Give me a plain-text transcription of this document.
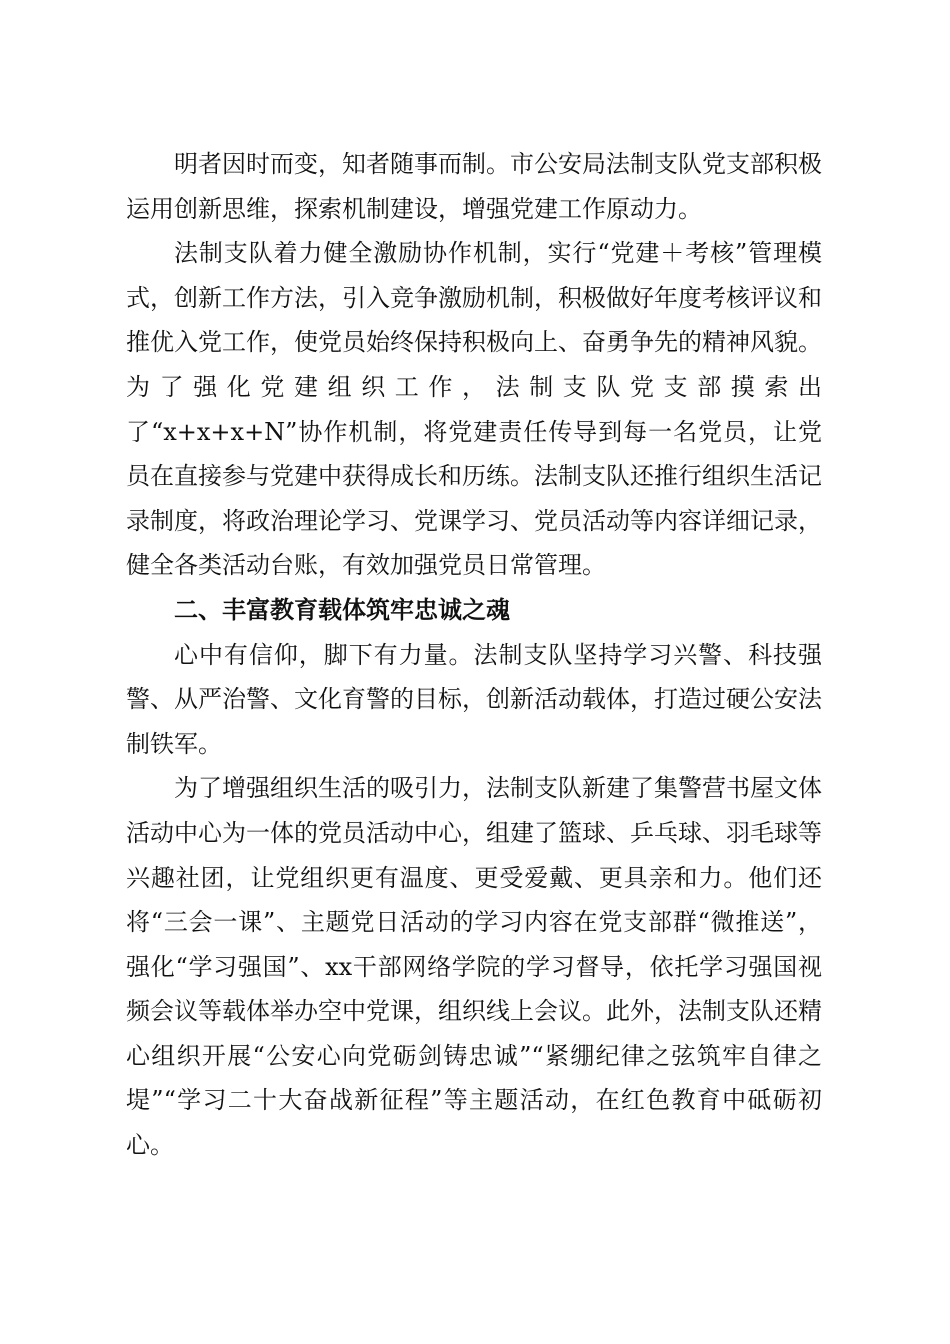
明者因时而变，知者随事而制。市公安局法制支队党支部积极运用创新思维，探索机制建设，增强党建工作原动力。

法制支队着力健全激励协作机制，实行“党建＋考核”管理模式，创新工作方法，引入竞争激励机制，积极做好年度考核评议和推优入党工作，使党员始终保持积极向上、奋勇争先的精神风貌。为了强化党建组织工作，法制支队党支部摸索出了“x+x+x+N”协作机制，将党建责任传导到每一名党员，让党员在直接参与党建中获得成长和历练。法制支队还推行组织生活记录制度，将政治理论学习、党课学习、党员活动等内容详细记录，健全各类活动台账，有效加强党员日常管理。

二、丰富教育载体筑牢忠诚之魂

心中有信仰，脚下有力量。法制支队坚持学习兴警、科技强警、从严治警、文化育警的目标，创新活动载体，打造过硬公安法制铁军。

为了增强组织生活的吸引力，法制支队新建了集警营书屋文体活动中心为一体的党员活动中心，组建了篮球、乒乓球、羽毛球等兴趣社团，让党组织更有温度、更受爱戴、更具亲和力。他们还将“三会一课”、主题党日活动的学习内容在党支部群“微推送”，强化“学习强国”、xx干部网络学院的学习督导，依托学习强国视频会议等载体举办空中党课，组织线上会议。此外，法制支队还精心组织开展“公安心向党砺剑铸忠诚”“紧绷纪律之弦筑牢自律之堤”“学习二十大奋战新征程”等主题活动，在红色教育中砥砺初心。
